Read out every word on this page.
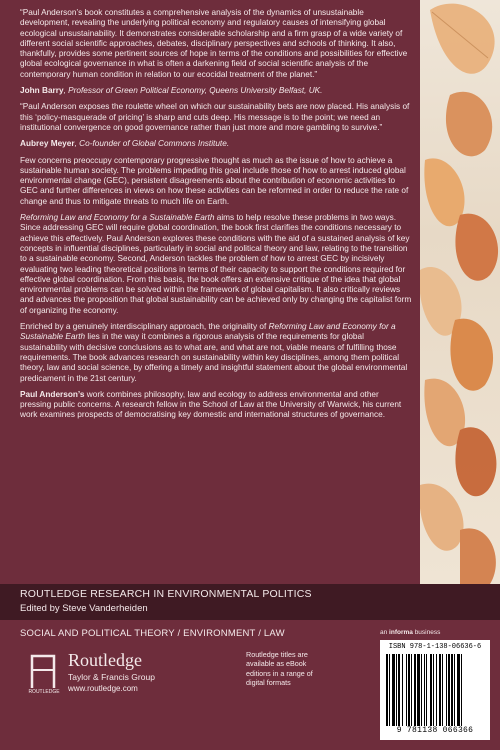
“Paul Anderson’s book constitutes a comprehensive analysis of the dynamics of unsustainable development, revealing the underlying political economy and regulatory causes of intensifying global ecological unsustainability. It demonstrates considerable scholarship and a firm grasp of a wide variety of different social scientific approaches, debates, disciplinary perspectives and schools of thinking. It also, thankfully, provides some pertinent sources of hope in terms of the conditions and possibilities for effective global ecological governance in what is often a darkening field of social scientific analysis of the contemporary human condition in relation to our ecocidal treatment of the planet.”

John Barry, Professor of Green Political Economy, Queens University Belfast, UK.

“Paul Anderson exposes the roulette wheel on which our sustainability bets are now placed. His analysis of this ‘policy-masquerade of pricing’ is sharp and cuts deep. His message is to the point; we need an institutional convergence on good governance rather than just more and more gambling to survive.”

Aubrey Meyer, Co-founder of Global Commons Institute.

Few concerns preoccupy contemporary progressive thought as much as the issue of how to achieve a sustainable human society. The problems impeding this goal include those of how to arrest induced global environmental change (GEC), persistent disagreements about the contribution of economic activities to GEC and further differences in views on how these activities can be reformed in order to reduce the rate of change and thus to mitigate threats to much life on Earth.

Reforming Law and Economy for a Sustainable Earth aims to help resolve these problems in two ways. Since addressing GEC will require global coordination, the book first clarifies the conditions necessary to achieve this effectively. Paul Anderson explores these conditions with the aid of a sustained analysis of key concepts in influential disciplines, particularly in social and political theory and law, relating to the transition to a sustainable economy. Second, Anderson tackles the problem of how to arrest GEC by incisively evaluating two leading theoretical positions in terms of their capacity to support the conditions required for effective global coordination. From this basis, the book offers an extensive critique of the idea that global environmental problems can be solved within the framework of global capitalism. It also critically reviews and advances the proposition that global sustainability can be achieved only by changing the capitalist form of organizing the economy.

Enriched by a genuinely interdisciplinary approach, the originality of Reforming Law and Economy for a Sustainable Earth lies in the way it combines a rigorous analysis of the requirements for global sustainability with decisive conclusions as to what are, and what are not, viable means of fulfilling those requirements. The book advances research on sustainability within key disciplines, among them political theory, law and social science, by offering a timely and insightful statement about the global environmental predicament in the 21st century.

Paul Anderson’s work combines philosophy, law and ecology to address environmental and other pressing public concerns. A research fellow in the School of Law at the University of Warwick, his current work examines prospects of democratising key domestic and international structures of governance.

ROUTLEDGE RESEARCH IN ENVIRONMENTAL POLITICS
Edited by Steve Vanderheiden
SOCIAL AND POLITICAL THEORY / ENVIRONMENT / LAW	an informa business
ROUTLEDGE
Routledge
Taylor & Francis Group
www.routledge.com
Routledge titles are available as eBook editions in a range of digital formats
ISBN 978-1-138-06636-6
9 781138 066366
